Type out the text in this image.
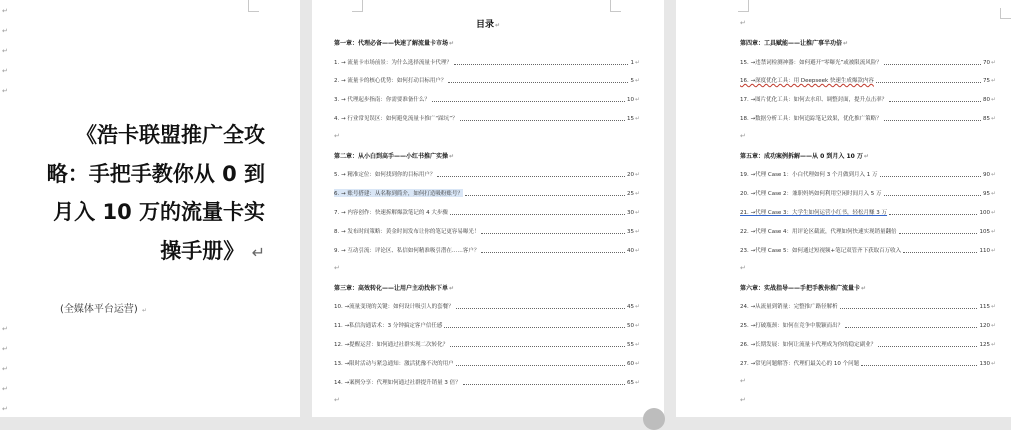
↵
↵
↵
↵
↵
《浩卡联盟推广全攻
略：手把手教你从 0 到
月入 10 万的流量卡实
操手册》 ↵
(全媒体平台运营) ↵
↵
↵
↵
↵
↵
目录↵
第一章：代理必备——快速了解流量卡市场↵
1. → 流量卡市场前景：为什么选择流量卡代理？	1 ↵
2. → 流量卡的核心优势：如何打动目标用户？	5 ↵
3. → 代理起步指南：你需要准备什么？	10 ↵
4. → 行业常见误区：如何避免流量卡推广“踩坑”？	15 ↵
↵
第二章：从小白到高手——小红书推广实操↵
5. → 精准定位：如何找到你的目标用户？	20 ↵
6. → 账号搭建：从名称到简介，如何打造吸粉账号？	25 ↵
7. → 内容创作：快速拆解爆款笔记的 4 大步骤	30 ↵
8. → 发布时间策略：黄金时间发布让你的笔记更容易曝光！	35 ↵
9. → 互动引流：评论区、私信如何精准吸引潜在……客户？	40 ↵
↵
第三章：高效转化——让用户主动找你下单↵
10. →流量变现的关键：如何设计吸引人的套餐？	45 ↵
11. →私信沟通话术：3 分钟搞定客户信任感	50 ↵
12. →提醒运营：如何通过社群实现二次转化？	55 ↵
13. →限时活动与紧急通知：激活犹豫不决的用户	60 ↵
14. →案例分享：代理如何通过社群提升销量 3 倍？	65 ↵
↵
↵
第四章：工具赋能——让推广事半功倍↵
15. →违禁词检测神器：如何避开“零曝光”或被限流风险？	70 ↵
16. →深度优化工具：用 Deepseek 快速生成爆款内容	75 ↵
17. →图片优化工具：如何去水印、调整封面，提升点击率？	80 ↵
18. →数据分析工具：如何追踪笔记效果，优化推广策略？	85 ↵
↵
第五章：成功案例拆解——从 0 到月入 10 万↵
19. →代理 Case 1：小白代理如何 3 个月做到月入 1 万	90 ↵
20. →代理 Case 2：兼职妈妈如何利用空闲时间月入 5 万	95 ↵
21. →代理 Case 3：大学生如何运营小红书，轻松月赚 3 万	100 ↵
22. →代理 Case 4：用评论区截流，代理如何快速实现销量翻倍	105 ↵
23. →代理 Case 5：如何通过短视频+笔记双管齐下获取百万收入	110 ↵
↵
第六章：实战指导——手把手教你推广流量卡↵
24. →从流量到销量：完整推广路径解析	115 ↵
25. →打破瓶颈：如何在竞争中脱颖而出？	120 ↵
26. →长期发展：如何让流量卡代理成为你的稳定副业？	125 ↵
27. →常见问题解答：代理们最关心的 10 个问题	130 ↵
↵
↵
